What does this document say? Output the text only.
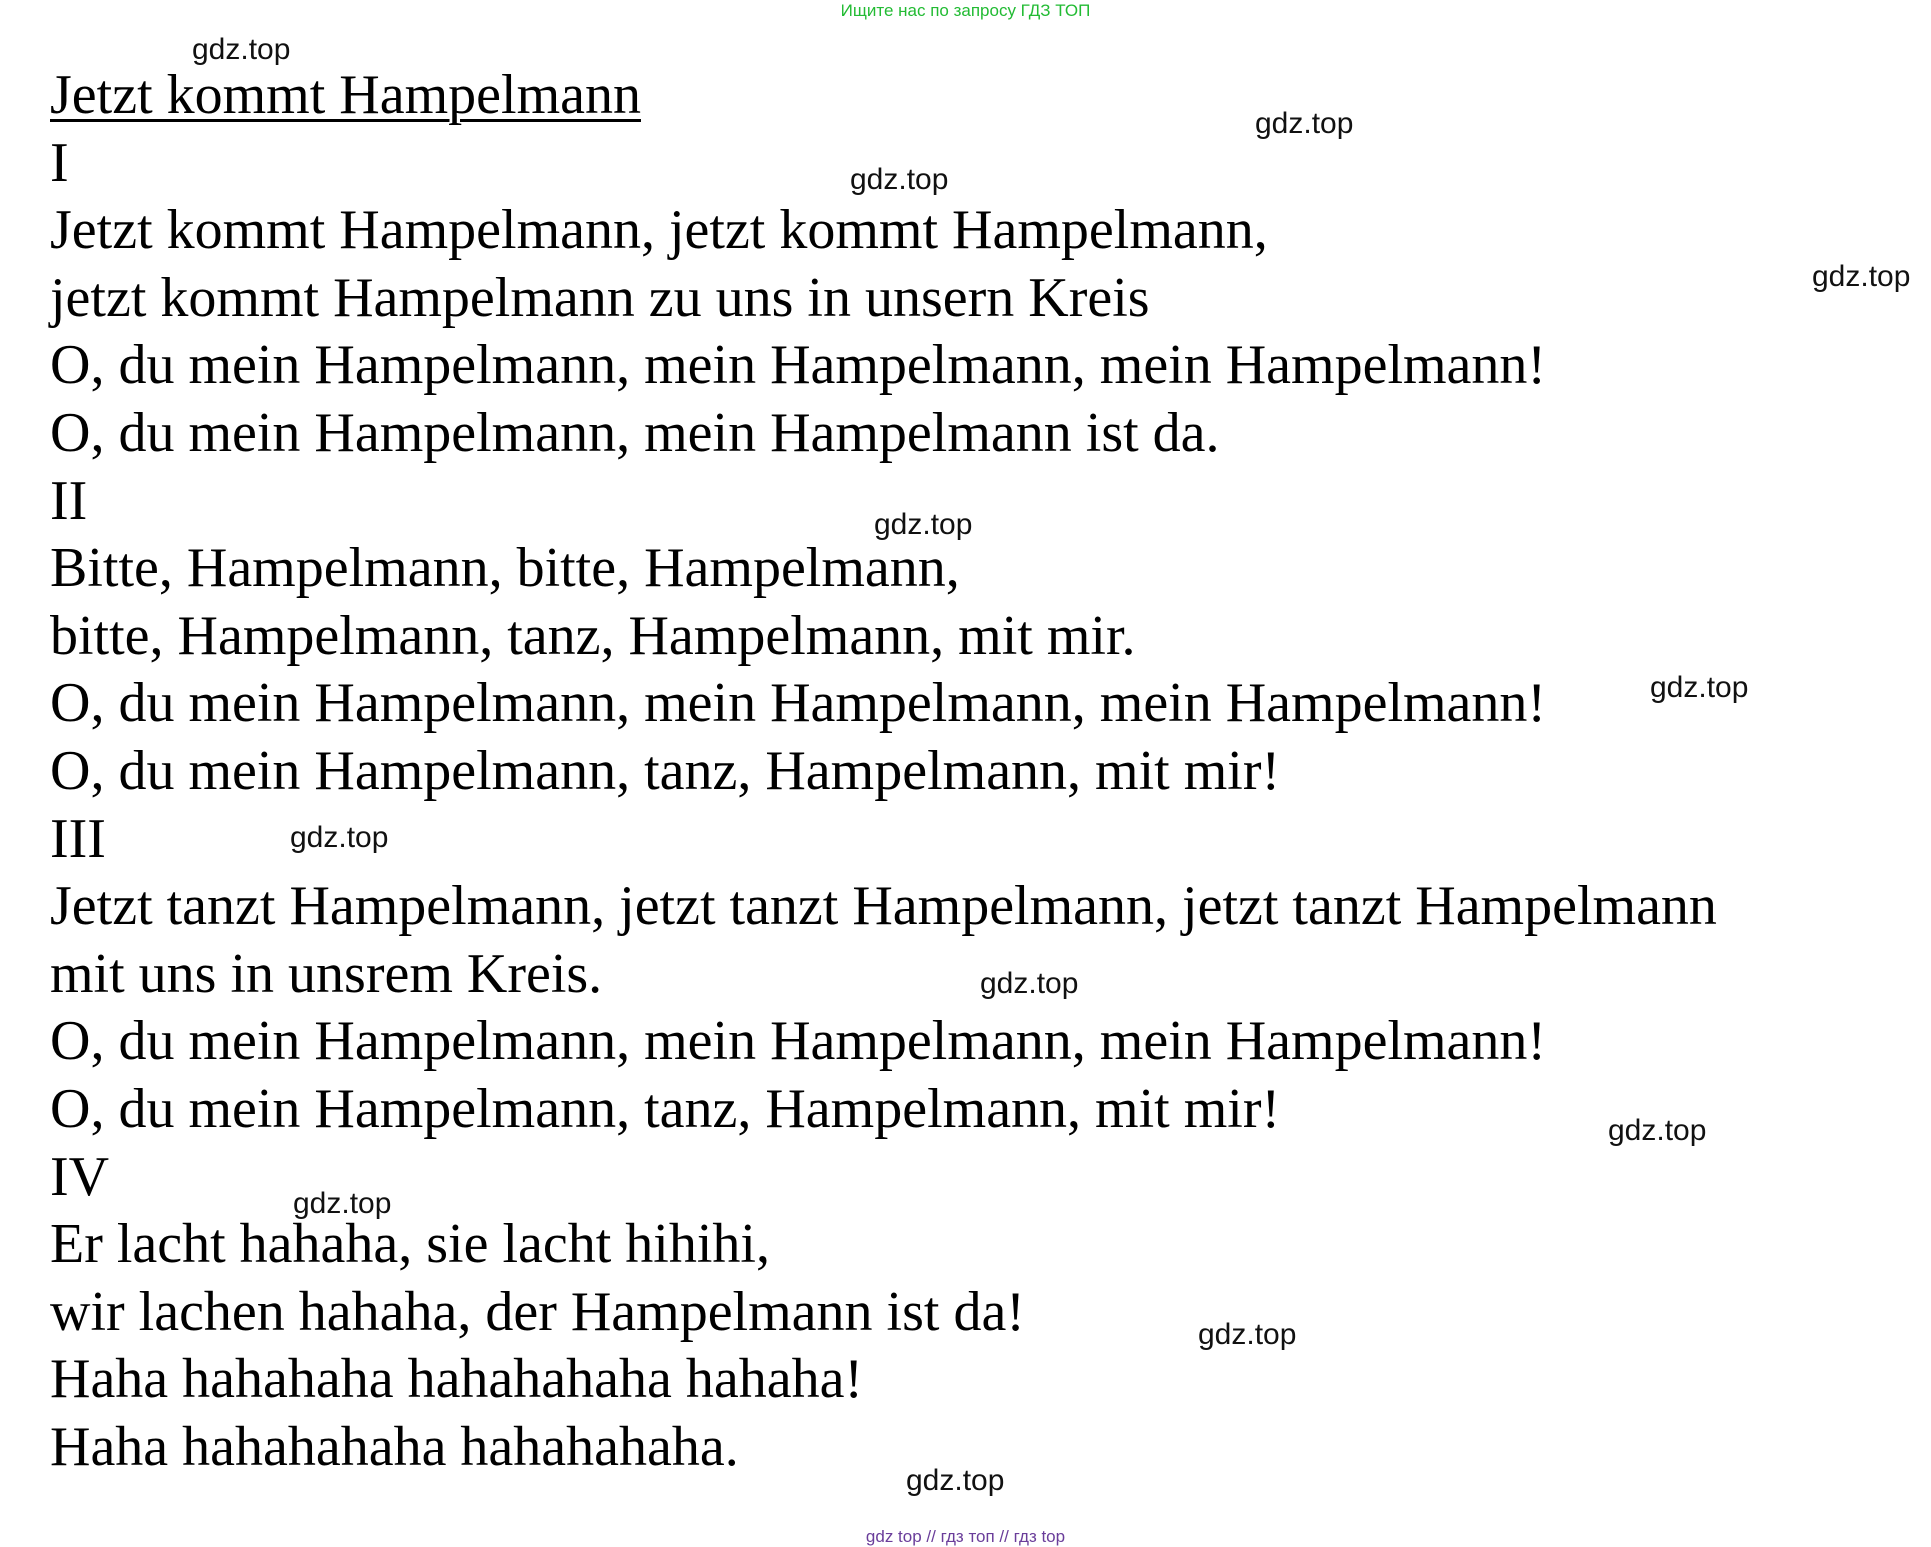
Ищите нас по запросу ГДЗ ТОП
Jetzt kommt Hampelmann
I
Jetzt kommt Hampelmann, jetzt kommt Hampelmann,
jetzt kommt Hampelmann zu uns in unsern Kreis
O, du mein Hampelmann, mein Hampelmann, mein Hampelmann!
O, du mein Hampelmann, mein Hampelmann ist da.
II
Bitte, Hampelmann, bitte, Hampelmann,
bitte, Hampelmann, tanz, Hampelmann, mit mir.
O, du mein Hampelmann, mein Hampelmann, mein Hampelmann!
O, du mein Hampelmann, tanz, Hampelmann, mit mir!
III
Jetzt tanzt Hampelmann, jetzt tanzt Hampelmann, jetzt tanzt Hampelmann
mit uns in unsrem Kreis.
O, du mein Hampelmann, mein Hampelmann, mein Hampelmann!
O, du mein Hampelmann, tanz, Hampelmann, mit mir!
IV
Er lacht hahaha, sie lacht hihihi,
wir lachen hahaha, der Hampelmann ist da!
Haha hahahaha hahahahaha hahaha!
Haha hahahahaha hahahahaha.
gdz.top
gdz.top
gdz.top
gdz.top
gdz.top
gdz.top
gdz.top
gdz.top
gdz.top
gdz.top
gdz.top
gdz.top
gdz top // гдз топ // гдз top
